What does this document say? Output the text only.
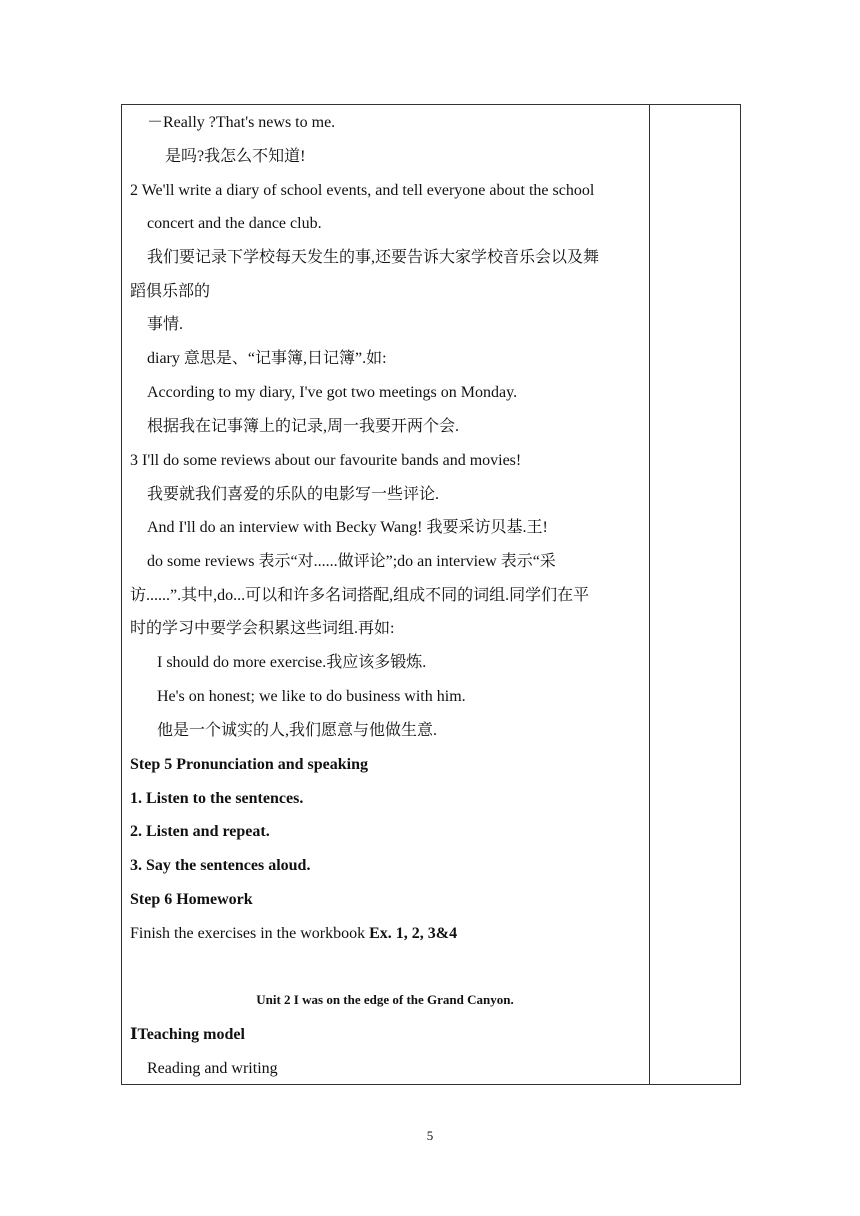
－Really ?That's news to me.
是吗?我怎么不知道!
2 We'll write a diary of school events, and tell everyone about the school
concert and the dance club.
我们要记录下学校每天发生的事,还要告诉大家学校音乐会以及舞
蹈俱乐部的
事情.
diary 意思是、“记事簿,日记簿”.如:
According to my diary, I've got two meetings on Monday.
根据我在记事簿上的记录,周一我要开两个会.
3 I'll do some reviews about our favourite bands and movies!
我要就我们喜爱的乐队的电影写一些评论.
And I'll do an interview with Becky Wang! 我要采访贝基.王!
do some reviews 表示“对......做评论”;do an interview 表示“采
访......”.其中,do...可以和许多名词搭配,组成不同的词组.同学们在平
时的学习中要学会积累这些词组.再如:
I should do more exercise.我应该多锻炼.
He's on honest; we like to do business with him.
他是一个诚实的人,我们愿意与他做生意.
Step 5 Pronunciation and speaking
1. Listen to the sentences.
2. Listen and repeat.
3. Say the sentences aloud.
Step 6 Homework
Finish the exercises in the workbook Ex. 1, 2, 3&4
Unit 2 I was on the edge of the Grand Canyon.
ⅠTeaching model
Reading and writing
5
